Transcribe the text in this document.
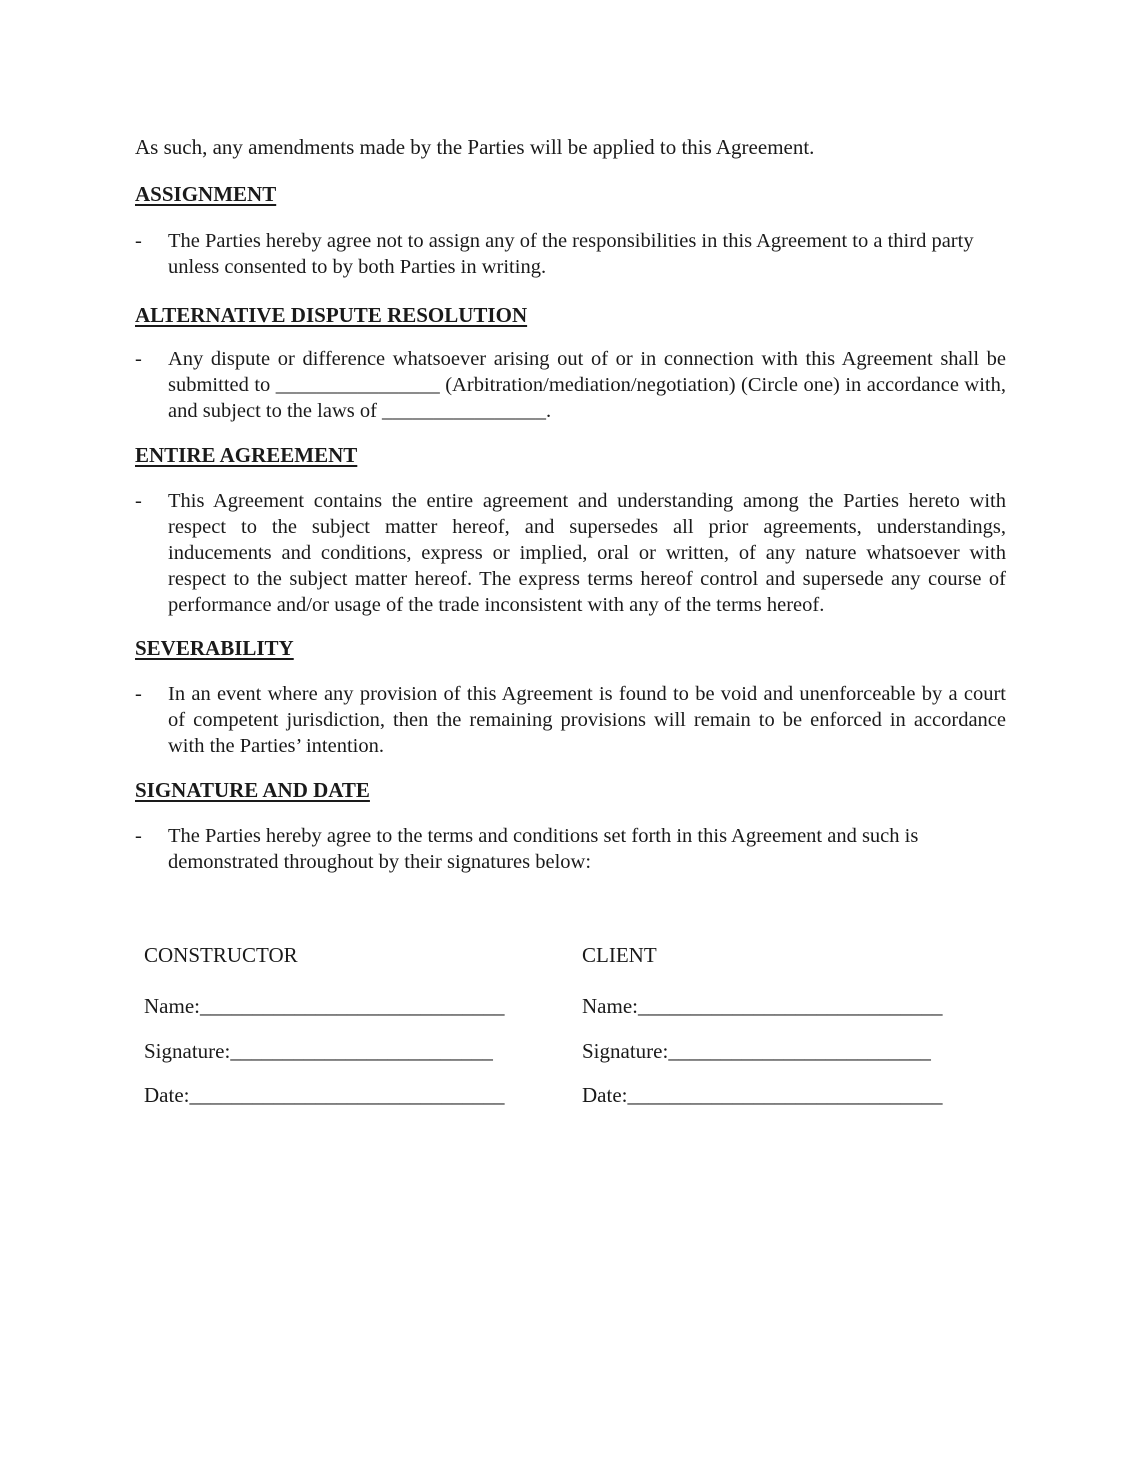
As such, any amendments made by the Parties will be applied to this Agreement.
ASSIGNMENT
- The Parties hereby agree not to assign any of the responsibilities in this Agreement to a third party unless consented to by both Parties in writing.
ALTERNATIVE DISPUTE RESOLUTION
- Any dispute or difference whatsoever arising out of or in connection with this Agreement shall be submitted to ________________ (Arbitration/mediation/negotiation) (Circle one) in accordance with, and subject to the laws of ________________.
ENTIRE AGREEMENT
- This Agreement contains the entire agreement and understanding among the Parties hereto with respect to the subject matter hereof, and supersedes all prior agreements, understandings, inducements and conditions, express or implied, oral or written, of any nature whatsoever with respect to the subject matter hereof. The express terms hereof control and supersede any course of performance and/or usage of the trade inconsistent with any of the terms hereof.
SEVERABILITY
- In an event where any provision of this Agreement is found to be void and unenforceable by a court of competent jurisdiction, then the remaining provisions will remain to be enforced in accordance with the Parties’ intention.
SIGNATURE AND DATE
- The Parties hereby agree to the terms and conditions set forth in this Agreement and such is demonstrated throughout by their signatures below:
CONSTRUCTOR
Name:_____________________________
Signature:_________________________
Date:______________________________
CLIENT
Name:_____________________________
Signature:_________________________
Date:______________________________
